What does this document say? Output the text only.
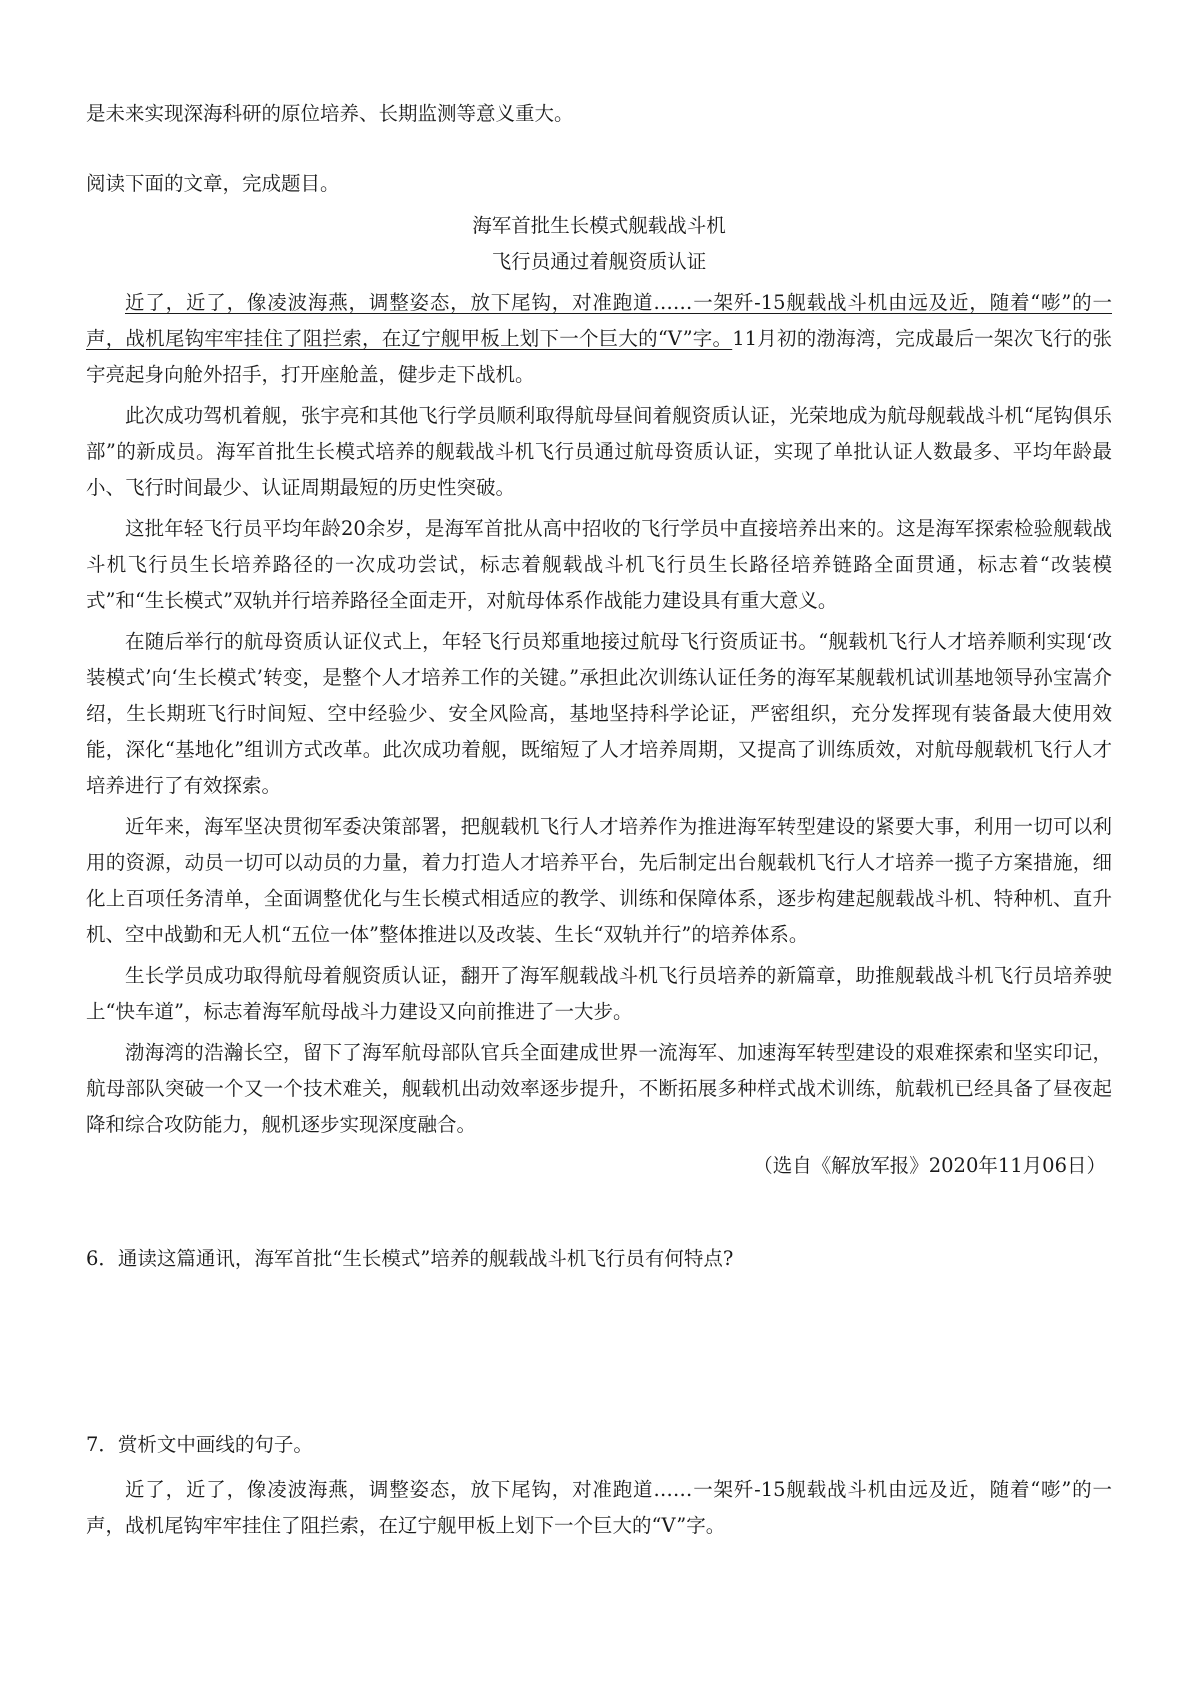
是未来实现深海科研的原位培养、长期监测等意义重大。
阅读下面的文章，完成题目。
海军首批生长模式舰载战斗机
飞行员通过着舰资质认证

近了，近了，像凌波海燕，调整姿态，放下尾钩，对准跑道……一架歼-15舰载战斗机由远及近，随着“嘭”的一声，战机尾钩牢牢挂住了阻拦索，在辽宁舰甲板上划下一个巨大的“V”字。11月初的渤海湾，完成最后一架次飞行的张宇亮起身向舱外招手，打开座舱盖，健步走下战机。

此次成功驾机着舰，张宇亮和其他飞行学员顺利取得航母昼间着舰资质认证，光荣地成为航母舰载战斗机“尾钩俱乐部”的新成员。海军首批生长模式培养的舰载战斗机飞行员通过航母资质认证，实现了单批认证人数最多、平均年龄最小、飞行时间最少、认证周期最短的历史性突破。

这批年轻飞行员平均年龄20余岁，是海军首批从高中招收的飞行学员中直接培养出来的。这是海军探索检验舰载战斗机飞行员生长培养路径的一次成功尝试，标志着舰载战斗机飞行员生长路径培养链路全面贯通，标志着“改装模式”和“生长模式”双轨并行培养路径全面走开，对航母体系作战能力建设具有重大意义。

在随后举行的航母资质认证仪式上，年轻飞行员郑重地接过航母飞行资质证书。“舰载机飞行人才培养顺利实现‘改装模式’向‘生长模式’转变，是整个人才培养工作的关键。”承担此次训练认证任务的海军某舰载机试训基地领导孙宝嵩介绍，生长期班飞行时间短、空中经验少、安全风险高，基地坚持科学论证，严密组织，充分发挥现有装备最大使用效能，深化“基地化”组训方式改革。此次成功着舰，既缩短了人才培养周期，又提高了训练质效，对航母舰载机飞行人才培养进行了有效探索。

近年来，海军坚决贯彻军委决策部署，把舰载机飞行人才培养作为推进海军转型建设的紧要大事，利用一切可以利用的资源，动员一切可以动员的力量，着力打造人才培养平台，先后制定出台舰载机飞行人才培养一揽子方案措施，细化上百项任务清单，全面调整优化与生长模式相适应的教学、训练和保障体系，逐步构建起舰载战斗机、特种机、直升机、空中战勤和无人机“五位一体”整体推进以及改装、生长“双轨并行”的培养体系。

生长学员成功取得航母着舰资质认证，翻开了海军舰载战斗机飞行员培养的新篇章，助推舰载战斗机飞行员培养驶上“快车道”，标志着海军航母战斗力建设又向前推进了一大步。

渤海湾的浩瀚长空，留下了海军航母部队官兵全面建成世界一流海军、加速海军转型建设的艰难探索和坚实印记，航母部队突破一个又一个技术难关，舰载机出动效率逐步提升，不断拓展多种样式战术训练，航载机已经具备了昼夜起降和综合攻防能力，舰机逐步实现深度融合。

（选自《解放军报》2020年11月06日）
6．通读这篇通讯，海军首批“生长模式”培养的舰载战斗机飞行员有何特点?
7．赏析文中画线的句子。

近了，近了，像凌波海燕，调整姿态，放下尾钩，对准跑道……一架歼-15舰载战斗机由远及近，随着“嘭”的一声，战机尾钩牢牢挂住了阻拦索，在辽宁舰甲板上划下一个巨大的“V”字。
